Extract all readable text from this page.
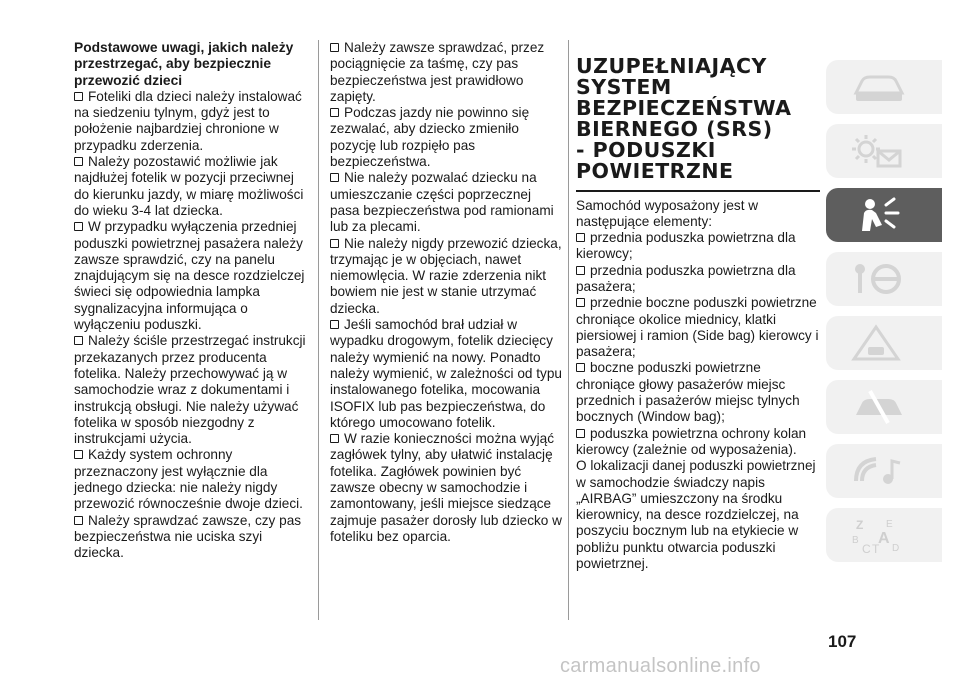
Podstawowe uwagi, jakich należy przestrzegać, aby bezpiecznie przewozić dzieci

Foteliki dla dzieci należy instalować na siedzeniu tylnym, gdyż jest to położenie najbardziej chronione w przypadku zderzenia.

Należy pozostawić możliwie jak najdłużej fotelik w pozycji przeciwnej do kierunku jazdy, w miarę możliwości do wieku 3-4 lat dziecka.

W przypadku wyłączenia przedniej poduszki powietrznej pasażera należy zawsze sprawdzić, czy na panelu znajdującym się na desce rozdzielczej świeci się odpowiednia lampka sygnalizacyjna informująca o wyłączeniu poduszki.

Należy ściśle przestrzegać instrukcji przekazanych przez producenta fotelika. Należy przechowywać ją w samochodzie wraz z dokumentami i instrukcją obsługi. Nie należy używać fotelika w sposób niezgodny z instrukcjami użycia.

Każdy system ochronny przeznaczony jest wyłącznie dla jednego dziecka: nie należy nigdy przewozić równocześnie dwoje dzieci.

Należy sprawdzać zawsze, czy pas bezpieczeństwa nie uciska szyi dziecka.

Należy zawsze sprawdzać, przez pociągnięcie za taśmę, czy pas bezpieczeństwa jest prawidłowo zapięty.

Podczas jazdy nie powinno się zezwalać, aby dziecko zmieniło pozycję lub rozpięło pas bezpieczeństwa.

Nie należy pozwalać dziecku na umieszczanie części poprzecznej pasa bezpieczeństwa pod ramionami lub za plecami.

Nie należy nigdy przewozić dziecka, trzymając je w objęciach, nawet niemowlęcia. W razie zderzenia nikt bowiem nie jest w stanie utrzymać dziecka.

Jeśli samochód brał udział w wypadku drogowym, fotelik dziecięcy należy wymienić na nowy. Ponadto należy wymienić, w zależności od typu instalowanego fotelika, mocowania ISOFIX lub pas bezpieczeństwa, do którego umocowano fotelik.

W razie konieczności można wyjąć zagłówek tylny, aby ułatwić instalację fotelika. Zagłówek powinien być zawsze obecny w samochodzie i zamontowany, jeśli miejsce siedzące zajmuje pasażer dorosły lub dziecko w foteliku bez oparcia.

UZUPEŁNIAJĄCY
SYSTEM
BEZPIECZEŃSTWA
BIERNEGO (SRS)
- PODUSZKI
POWIETRZNE

Samochód wyposażony jest w następujące elementy:

przednia poduszka powietrzna dla kierowcy;

przednia poduszka powietrzna dla pasażera;

przednie boczne poduszki powietrzne chroniące okolice miednicy, klatki piersiowej i ramion (Side bag) kierowcy i pasażera;

boczne poduszki powietrzne chroniące głowy pasażerów miejsc przednich i pasażerów miejsc tylnych bocznych (Window bag);

poduszka powietrzna ochrony kolan kierowcy (zależnie od wyposażenia).

O lokalizacji danej poduszki powietrznej w samochodzie świadczy napis „AIRBAG” umieszczony na środku kierownicy, na desce rozdzielczej, na poszyciu bocznym lub na etykiecie w pobliżu punktu otwarcia poduszki powietrznej.

Z E
B A
C T D
107
carmanualsonline.info
